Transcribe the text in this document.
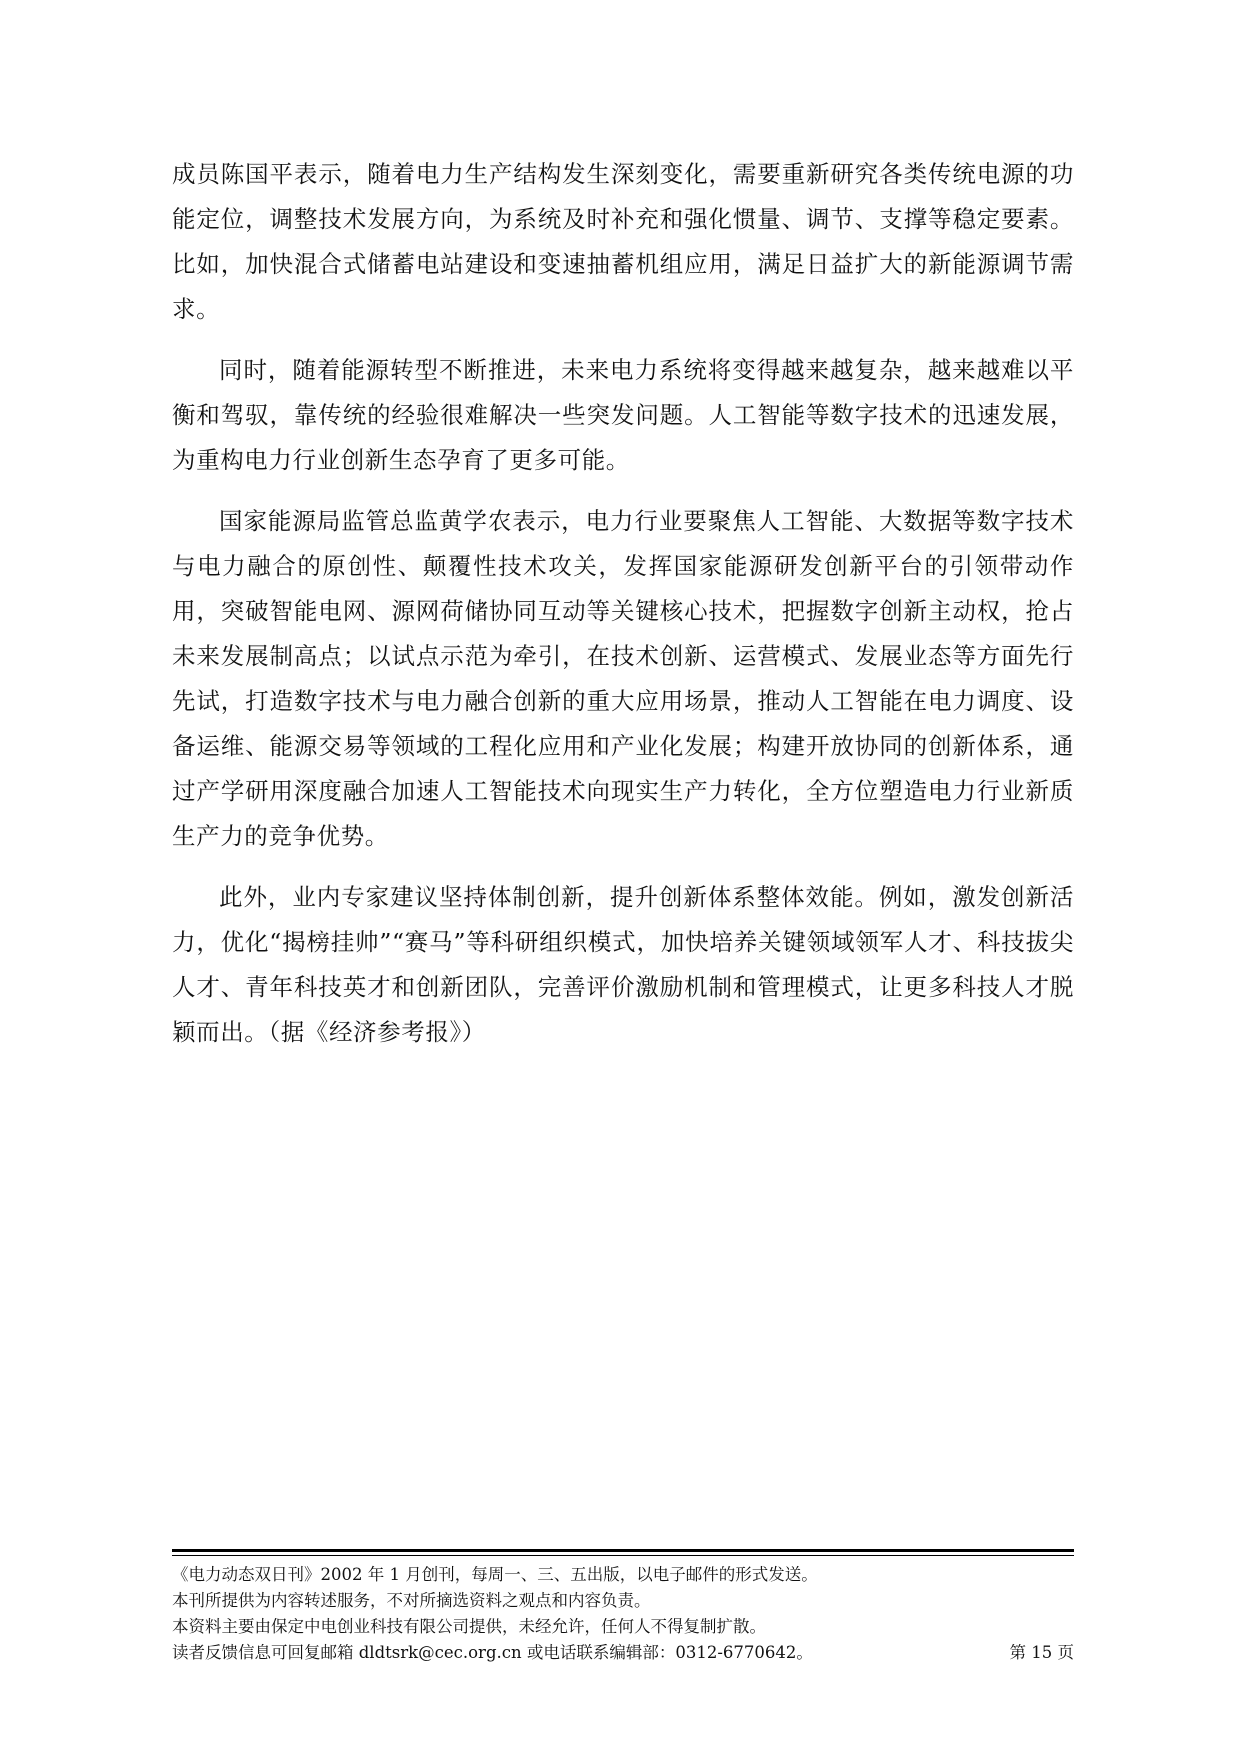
成员陈国平表示，随着电力生产结构发生深刻变化，需要重新研究各类传统电源的功能定位，调整技术发展方向，为系统及时补充和强化惯量、调节、支撑等稳定要素。比如，加快混合式储蓄电站建设和变速抽蓄机组应用，满足日益扩大的新能源调节需求。

同时，随着能源转型不断推进，未来电力系统将变得越来越复杂，越来越难以平衡和驾驭，靠传统的经验很难解决一些突发问题。人工智能等数字技术的迅速发展，为重构电力行业创新生态孕育了更多可能。

国家能源局监管总监黄学农表示，电力行业要聚焦人工智能、大数据等数字技术与电力融合的原创性、颠覆性技术攻关，发挥国家能源研发创新平台的引领带动作用，突破智能电网、源网荷储协同互动等关键核心技术，把握数字创新主动权，抢占未来发展制高点；以试点示范为牵引，在技术创新、运营模式、发展业态等方面先行先试，打造数字技术与电力融合创新的重大应用场景，推动人工智能在电力调度、设备运维、能源交易等领域的工程化应用和产业化发展；构建开放协同的创新体系，通过产学研用深度融合加速人工智能技术向现实生产力转化，全方位塑造电力行业新质生产力的竞争优势。

此外，业内专家建议坚持体制创新，提升创新体系整体效能。例如，激发创新活力，优化“揭榜挂帅”“赛马”等科研组织模式，加快培养关键领域领军人才、科技拔尖人才、青年科技英才和创新团队，完善评价激励机制和管理模式，让更多科技人才脱颖而出。（据《经济参考报》）

《电力动态双日刊》2002 年 1 月创刊，每周一、三、五出版，以电子邮件的形式发送。
本刊所提供为内容转述服务，不对所摘选资料之观点和内容负责。
本资料主要由保定中电创业科技有限公司提供，未经允许，任何人不得复制扩散。
读者反馈信息可回复邮箱 dldtsrk@cec.org.cn 或电话联系编辑部：0312-6770642。	第 15 页
